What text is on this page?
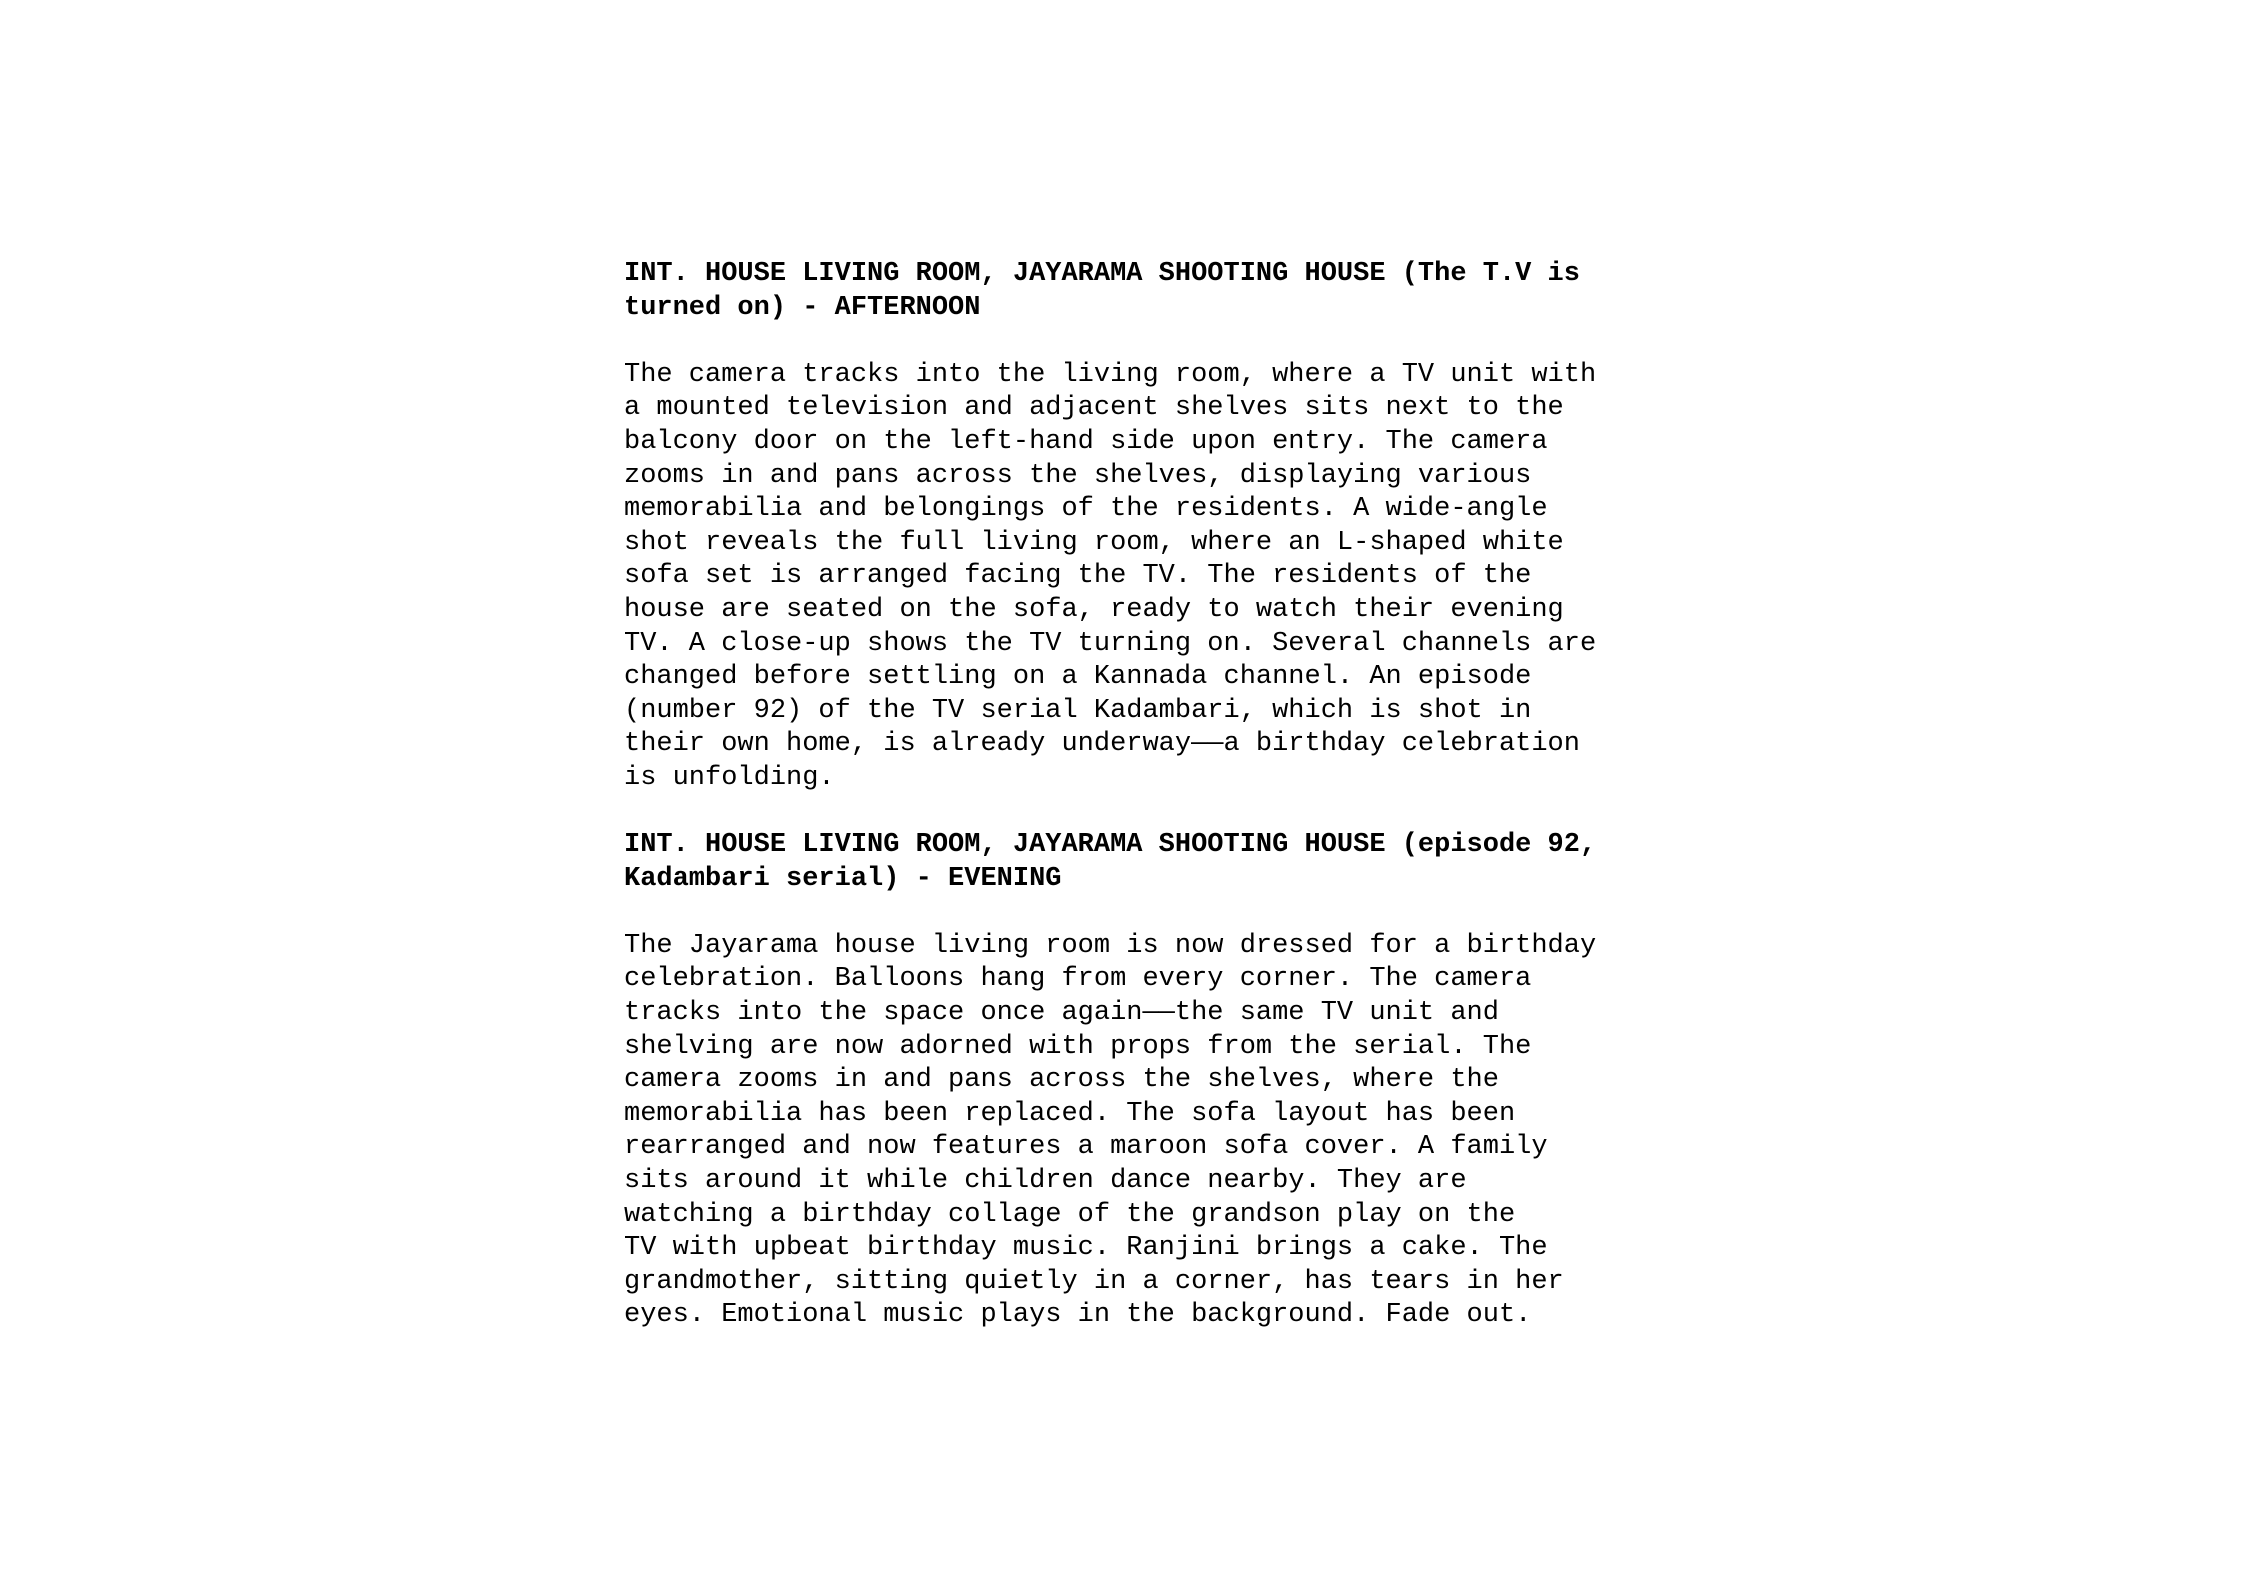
INT. HOUSE LIVING ROOM, JAYARAMA SHOOTING HOUSE (The T.V is
turned on) - AFTERNOON
The camera tracks into the living room, where a TV unit with
a mounted television and adjacent shelves sits next to the
balcony door on the left-hand side upon entry. The camera
zooms in and pans across the shelves, displaying various
memorabilia and belongings of the residents. A wide-angle
shot reveals the full living room, where an L-shaped white
sofa set is arranged facing the TV. The residents of the
house are seated on the sofa, ready to watch their evening
TV. A close-up shows the TV turning on. Several channels are
changed before settling on a Kannada channel. An episode
(number 92) of the TV serial Kadambari, which is shot in
their own home, is already underway——a birthday celebration
is unfolding.
INT. HOUSE LIVING ROOM, JAYARAMA SHOOTING HOUSE (episode 92,
Kadambari serial) - EVENING
The Jayarama house living room is now dressed for a birthday
celebration. Balloons hang from every corner. The camera
tracks into the space once again——the same TV unit and
shelving are now adorned with props from the serial. The
camera zooms in and pans across the shelves, where the
memorabilia has been replaced. The sofa layout has been
rearranged and now features a maroon sofa cover. A family
sits around it while children dance nearby. They are
watching a birthday collage of the grandson play on the
TV with upbeat birthday music. Ranjini brings a cake. The
grandmother, sitting quietly in a corner, has tears in her
eyes. Emotional music plays in the background. Fade out.
